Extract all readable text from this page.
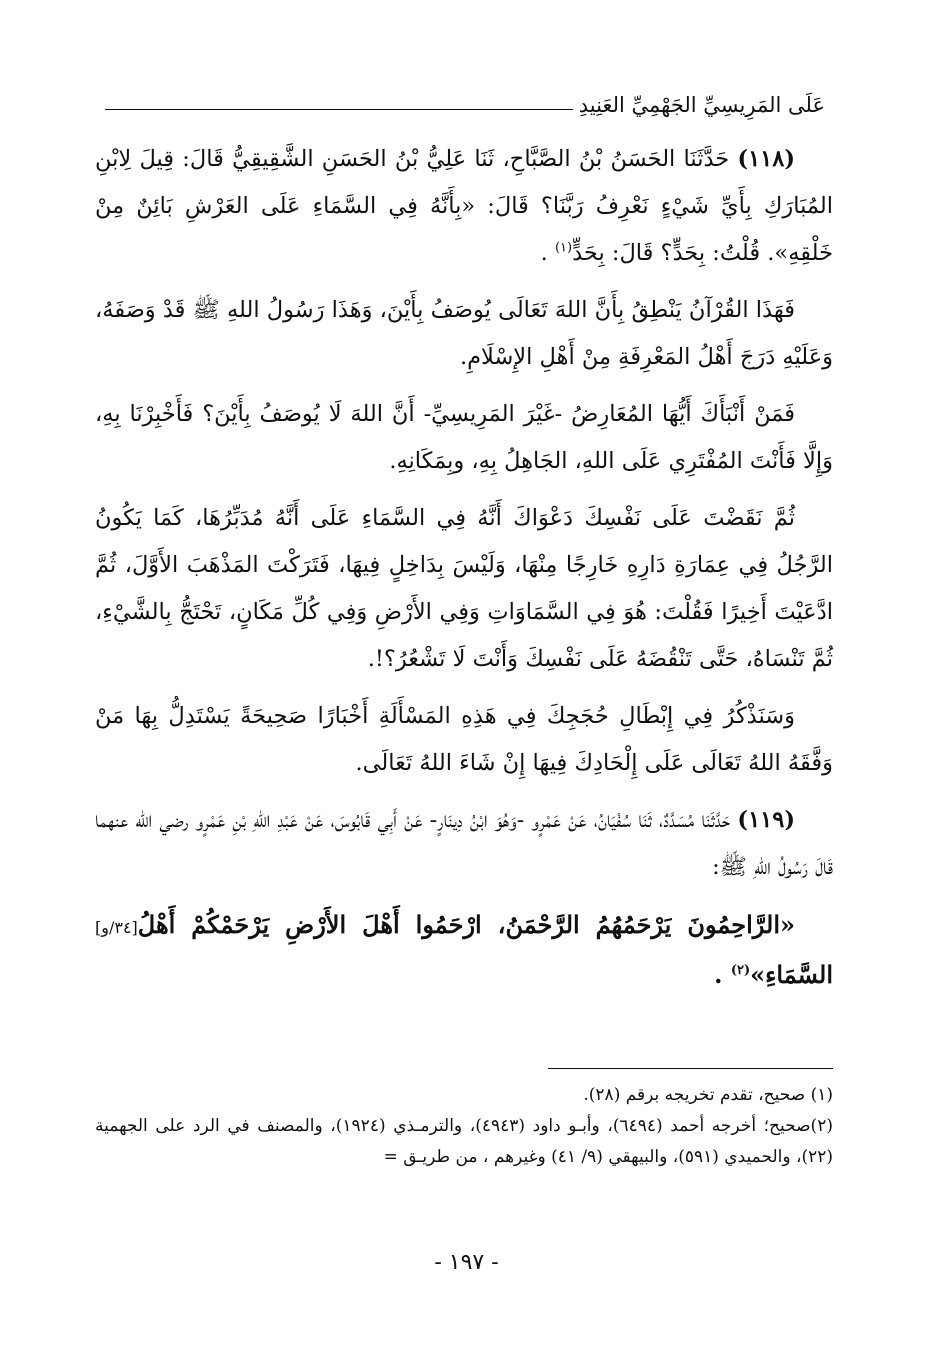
عَلَى المَرِيسِيِّ الجَهْمِيِّ العَنِيدِ

(١١٨) حَدَّثَنَا الحَسَنُ بْنُ الصَّبَّاحِ، ثَنَا عَلِيُّ بْنُ الحَسَنِ الشَّقِيقِيُّ قَالَ: قِيلَ لِابْنِ المُبَارَكِ بِأَيِّ شَيْءٍ نَعْرِفُ رَبَّنَا؟ قَالَ: «بِأَنَّهُ فِي السَّمَاءِ عَلَى العَرْشِ بَائِنٌ مِنْ خَلْقِهِ». قُلْتُ: بِحَدٍّ؟ قَالَ: بِحَدٍّ$^{(١)}$ .

فَهَذَا القُرْآنُ يَنْطِقُ بِأَنَّ اللهَ تَعَالَى يُوصَفُ بِأَيْنَ، وَهَذَا رَسُولُ اللهِ ﷺ قَدْ وَصَفَهُ، وَعَلَيْهِ دَرَجَ أَهْلُ المَعْرِفَةِ مِنْ أَهْلِ الإِسْلَامِ.

فَمَنْ أَنْبَأَكَ أَيُّهَا المُعَارِضُ -غَيْرَ المَرِيسِيِّ- أَنَّ اللهَ لَا يُوصَفُ بِأَيْنَ؟ فَأَخْبِرْنَا بِهِ، وَإِلَّا فَأَنْتَ المُفْتَرِي عَلَى اللهِ، الجَاهِلُ بِهِ، وبِمَكَانِهِ.

ثُمَّ نَقَضْتَ عَلَى نَفْسِكَ دَعْوَاكَ أَنَّهُ فِي السَّمَاءِ عَلَى أَنَّهُ مُدَبِّرُهَا، كَمَا يَكُونُ الرَّجُلُ فِي عِمَارَةِ دَارِهِ خَارِجًا مِنْهَا، وَلَيْسَ بِدَاخِلٍ فِيهَا، فَتَرَكْتَ المَذْهَبَ الأَوَّلَ، ثُمَّ ادَّعَيْتَ أَخِيرًا فَقُلْتَ: هُوَ فِي السَّمَاوَاتِ وَفِي الأَرْضِ وَفِي كُلِّ مَكَانٍ، تَحْتَجُّ بِالشَّيْءِ، ثُمَّ تَنْسَاهُ، حَتَّى تَنْقُضَهُ عَلَى نَفْسِكَ وَأَنْتَ لَا تَشْعُرُ؟!.

وَسَنَذْكُرُ فِي إِبْطَالِ حُجَجِكَ فِي هَذِهِ المَسْأَلَةِ أَخْبَارًا صَحِيحَةً يَسْتَدِلُّ بِهَا مَنْ وَفَّقَهُ اللهُ تَعَالَى عَلَى إِلْحَادِكَ فِيهَا إِنْ شَاءَ اللهُ تَعَالَى.

(١١٩) حَدَّثَنَا مُسَدَّدٌ، ثَنَا سُفْيَانُ، عَنْ عَمْرٍو -وَهُوَ ابْنُ دِينَارٍ- عَنْ أَبِي قَابُوسَ، عَنْ عَبْدِ اللهِ بْنِ عَمْرٍو رضي الله عنهما قَالَ رَسُولُ اللهِ ﷺ:

«الرَّاحِمُونَ يَرْحَمُهُمُ الرَّحْمَنُ، ارْحَمُوا أَهْلَ الأَرْضِ يَرْحَمْكُمْ أَهْلُ[٣٤/و] السَّمَاءِ»$^{(٢)}$ .

(١) صحيح، تقدم تخريجه برقم (٢٨).

(٢)صحيح؛ أخرجه أحمد (٦٤٩٤)، وأبـو داود (٤٩٤٣)، والترمـذي (١٩٢٤)، والمصنف في الرد على الجهمية (٢٢)، والحميدي (٥٩١)، والبيهقي (٩/ ٤١) وغيرهم ، من طريـق =

- ١٩٧ -
